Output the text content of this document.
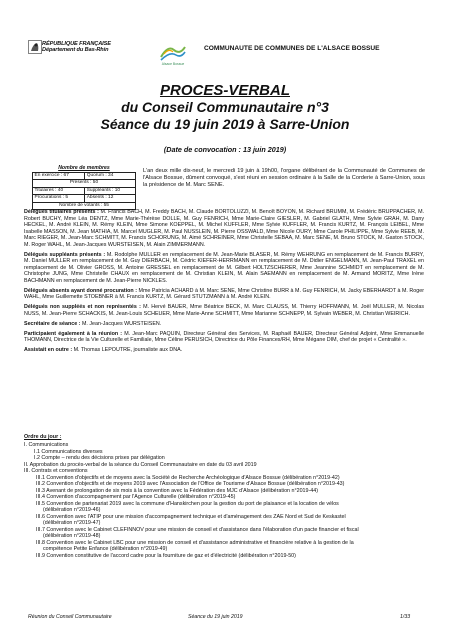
RÉPUBLIQUE FRANÇAISE
Département du Bas-Rhin
Alsace Bossue
COMMUNAUTE DE COMMUNES DE L'ALSACE BOSSUE
PROCES-VERBAL
du Conseil Communautaire n°3
Séance du 19 juin 2019 à Sarre-Union
(Date de convocation : 13 juin 2019)
Nombre de membres
En exercice : 67	Quorum : 34
Présents : 50	
Titulaires : 40	Suppléants : 10
Procurations : 5	Absents : 12
Nombre de votants : 55	
L'an deux mille dix-neuf, le mercredi 19 juin à 19h00, l'organe délibérant de la Communauté de Communes de l'Alsace Bossue, dûment convoqué, s'est réuni en session ordinaire à la Salle de la Corderie à Sarre-Union, sous la présidence de M. Marc SENE.

Délégués titulaires présents : M. Francis BACH, M. Freddy BACH, M. Claude BORTOLUZZI, M. Benoît BOYON, M. Richard BRUMM, M. Frédéric BRUPPACHER, M. Robert BUCHY, Mme Léa DENTZ, Mme Marie-Thérèse DOLLE, M. Guy FENRICH, Mme Marie-Claire GIESLER, M. Gabriel GLATH, Mme Sylvie GRAH, M. Dany HECKEL, M. André KLEIN, M. Rémy KLEIN, Mme Simone KOEPPEL, M. Michel KUFFLER, Mme Sylvie KUFFLER, M. Francis KURTZ, M. François LEIBEL, Mme Isabelle MASSON, M. Jean MATHIA, M. Marcel MUGLER, M. Paul NUSSLEIN, M. Pierre OSSWALD, Mme Nicole OURY, Mme Carole PHILIPPE, Mme Sylvie REEB, M. Marc RIEGER, M. Jean-Marc SCHMITT, M. Francis SCHORUNG, M. Aimé SCHREINER, Mme Christelle SEBAA, M. Marc SENE, M. Bruno STOCK, M. Gaston STOCK, M. Roger WAHL, M. Jean-Jacques WURSTEISEN, M. Alain ZIMMERMANN.

Délégués suppléants présents : M. Rodolphe MULLER en remplacement de M. Jean-Marie BLASER, M. Rémy WEHRUNG en remplacement de M. Francis BURRY, M. Daniel MULLER en remplacement de M. Guy DIERBACH, M. Cédric KIEFER-HERRMANN en remplacement de M. Didier ENGELMANN, M. Jean-Paul TRAXEL en remplacement de M. Olivier GROSS, M. Antoine GRESSEL en remplacement de M. Gilbert HOLTZSCHERER, Mme Jeannine SCHMIDT en remplacement de M. Christophe JUNG, Mme Christelle CHAUX en remplacement de M. Christian KLEIN, M. Alain SAEMANN en remplacement de M. Armand MORITZ, Mme Irène BACHMANN en remplacement de M. Jean-Pierre NICKLES.

Délégués absents ayant donné procuration : Mme Patricia ACHARD à M. Marc SENE, Mme Christine BURR à M. Guy FENRICH, M. Jacky EBERHARDT à M. Roger WAHL, Mme Guillemette STOEBNER à M. Francis KURTZ, M. Gérard STUTZMANN à M. André KLEIN.

Délégués non suppléés et non représentés : M. Hervé BAUER, Mme Béatrice BECK, M. Marc CLAUSS, M. Thierry HOFFMANN, M. Joël MULLER, M. Nicolas NUSS, M. Jean-Pierre SCHACKIS, M. Jean-Louis SCHEUER, Mme Marie-Anne SCHMITT, Mme Marianne SCHNEPP, M. Sylvain WEBER, M. Christian WEIRICH.

Secrétaire de séance : M. Jean-Jacques WURSTEISEN.

Participaient également à la réunion : M. Jean-Marc PAQUIN, Directeur Général des Services, M. Raphaël BAUER, Directeur Général Adjoint, Mme Emmanuelle THOMANN, Directrice de la Vie Culturelle et Familiale, Mme Céline PERUSICH, Directrice du Pôle Finances/RH, Mme Mégane DIM, chef de projet « Centralité ».

Assistait en outre : M. Thomas LEPOUTRE, journaliste aux DNA.

Ordre du jour :
I. Communications
I.1 Communications diverses
I.2 Compte – rendu des décisions prises par délégation
II. Approbation du procès-verbal de la séance du Conseil Communautaire en date du 03 avril 2019
III. Contrats et conventions
III.1 Convention d'objectifs et de moyens avec la Société de Recherche Archéologique d'Alsace Bossue (délibération n°2019-42)
III.2 Convention d'objectifs et de moyens 2019 avec l'Association de l'Office de Tourisme d'Alsace Bossue (délibération n°2019-43)
III.3 Avenant de prolongation de six mois à la convention avec la Fédération des MJC d'Alsace (délibération n°2019-44)
III.4 Convention d'accompagnement par l'Agence Culturelle (délibération n°2019-45)
III.5 Convention de partenariat 2019 avec la commune d'Hanskirchen pour la gestion du port de plaisance et la location de vélos
(délibération n°2019-46)
III.6 Convention avec l'ATIP pour une mission d'accompagnement technique et d'aménagement des ZAE Nord et Sud de Keskastel
(délibération n°2019-47)
III.7 Convention avec le Cabinet CLEFINNOV pour une mission de conseil et d'assistance dans l'élaboration d'un pacte financier et fiscal
(délibération n°2019-48)
III.8 Convention avec le Cabinet LBC pour une mission de conseil et d'assistance administrative et financière relative à la gestion de la
compétence Petite Enfance (délibération n°2019-49)
III.9 Convention constitutive de l'accord cadre pour la fourniture de gaz et d'électricité (délibération n°2019-50)
Réunion du Conseil Communautaire	Séance du 19 juin 2019	1/33
